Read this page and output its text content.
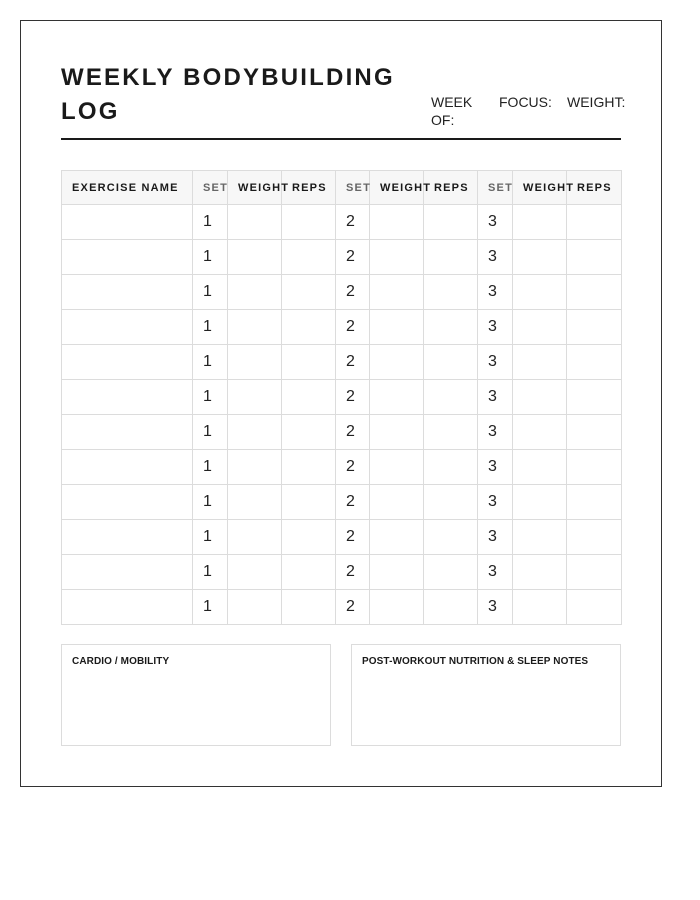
WEEKLY BODYBUILDING LOG	WEEK OF:
FOCUS: WEIGHT:
EXERCISE NAME	SET	WEIGHT	REPS	SET	WEIGHT	REPS	SET	WEIGHT	REPS
	1			2			3		
	1			2			3		
	1			2			3		
	1			2			3		
	1			2			3		
	1			2			3		
	1			2			3		
	1			2			3		
	1			2			3		
	1			2			3		
	1			2			3		
	1			2			3		
CARDIO / MOBILITY	POST-WORKOUT NUTRITION & SLEEP NOTES
